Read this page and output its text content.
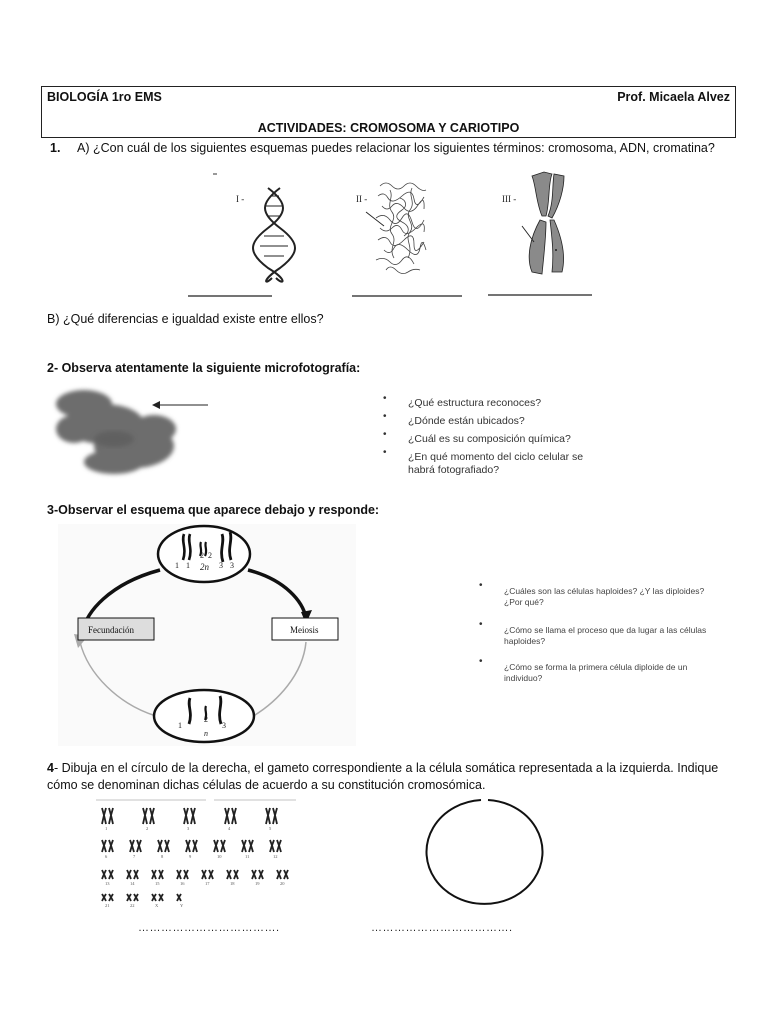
BIOLOGÍA 1ro EMS	Prof. Micaela Alvez
ACTIVIDADES: CROMOSOMA Y CARIOTIPO
1. A) ¿Con cuál de los siguientes esquemas puedes relacionar los siguientes términos: cromosoma, ADN, cromatina?
I -	II -	III -
B) ¿Qué diferencias e igualdad existe entre ellos?
2- Observa atentamente la siguiente microfotografía:
• ¿Qué estructura reconoces?
• ¿Dónde están ubicados?
• ¿Cuál es su composición química?
• ¿En qué momento del ciclo celular se habrá fotografiado?
3-Observar el esquema que aparece debajo y responde:
1 1
2 2
3 3
2n
1
2
3
n
Fecundación	Meiosis
•	¿Cuáles son las células haploides? ¿Y las diploides? ¿Por qué?
•	¿Cómo se llama el proceso que da lugar a las células haploides?
•	¿Cómo se forma la primera célula diploide de un individuo?
4- Dibuja en el círculo de la derecha, el gameto correspondiente a la célula somática representada a la izquierda. Indique cómo se denominan dichas células de acuerdo a su constitución cromosómica.
1	2	3	4	5
6	7	8	9	10	11	12
13	14	15	16	17	18	19	20
21	22	X	Y
……………………………….	……………………………….
